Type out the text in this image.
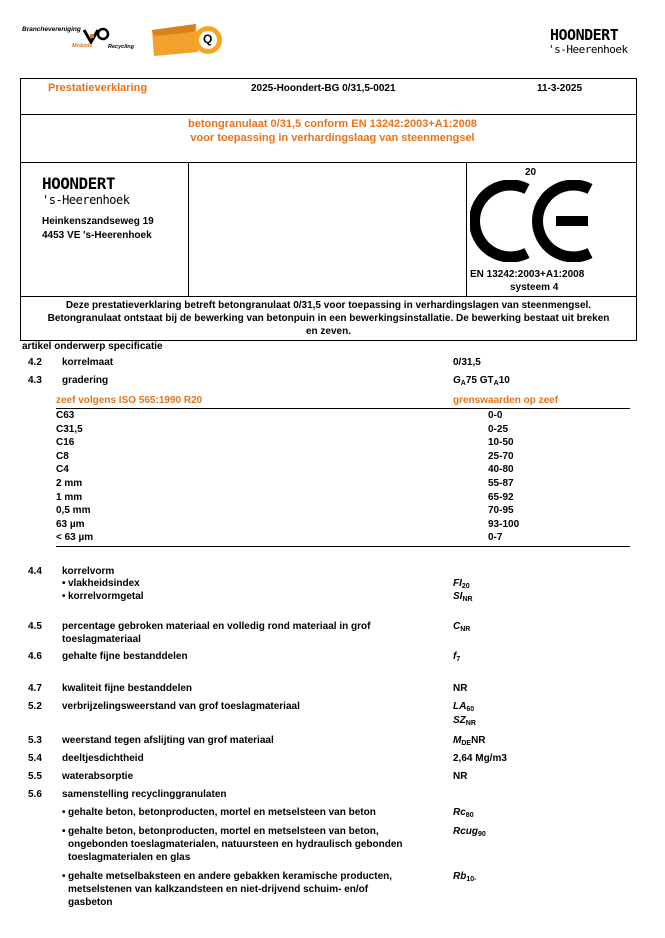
Branchevereniging
Mobiele	Recycling
Q	HOONDERT
's-Heerenhoek
Prestatieverklaring	2025-Hoondert-BG 0/31,5-0021	11-3-2025
betongranulaat 0/31,5 conform EN 13242:2003+A1:2008
voor toepassing in verhardingslaag van steenmengsel
HOONDERT
's-Heerenhoek
Heinkenszandseweg 19
4453 VE 's-Heerenhoek
20
EN 13242:2003+A1:2008
systeem 4
Deze prestatieverklaring betreft betongranulaat 0/31,5 voor toepassing in verhardingslagen van steenmengsel.
Betongranulaat ontstaat bij de bewerking van betonpuin in een bewerkingsinstallatie. De bewerking bestaat uit breken
en zeven.
artikel onderwerp specificatie
4.2 korrelmaat	0/31,5
4.3 gradering	$G_A75$ $GT_A10$
zeef volgens ISO 565:1990 R20	grenswaarden op zeef
C63	0-0
C31,5	0-25
C16	10-50
C8	25-70
C4	40-80
2 mm	55-87
1 mm	65-92
0,5 mm	70-95
63 µm	93-100
< 63 µm	0-7
4.4 korrelvorm
• vlakheidsindex	$FI_{20}$
• korrelvormgetal	$SI_{NR}$
4.5 percentage gebroken materiaal en volledig rond materiaal in grof
toeslagmateriaal
$C_{NR}$
4.6 gehalte fijne bestanddelen	$f_7$
4.7 kwaliteit fijne bestanddelen	NR
5.2 verbrijzelingsweerstand van grof toeslagmateriaal	$LA_{60}$
$SZ_{NR}$
5.3 weerstand tegen afslijting van grof materiaal	$M_{DE}NR$
5.4 deeltjesdichtheid	2,64 Mg/m3
5.5 waterabsorptie	NR
5.6 samenstelling recyclinggranulaten
• gehalte beton, betonproducten, mortel en metselsteen van beton	$Rc_{80}$
• gehalte beton, betonproducten, mortel en metselsteen van beton,
ongebonden toeslagmaterialen, natuursteen en hydraulisch gebonden
toeslagmaterialen en glas
Rcug$_{90}$
• gehalte metselbaksteen en andere gebakken keramische producten,
metselstenen van kalkzandsteen en niet-drijvend schuim- en/of
gasbeton
$Rb_{10-}$
